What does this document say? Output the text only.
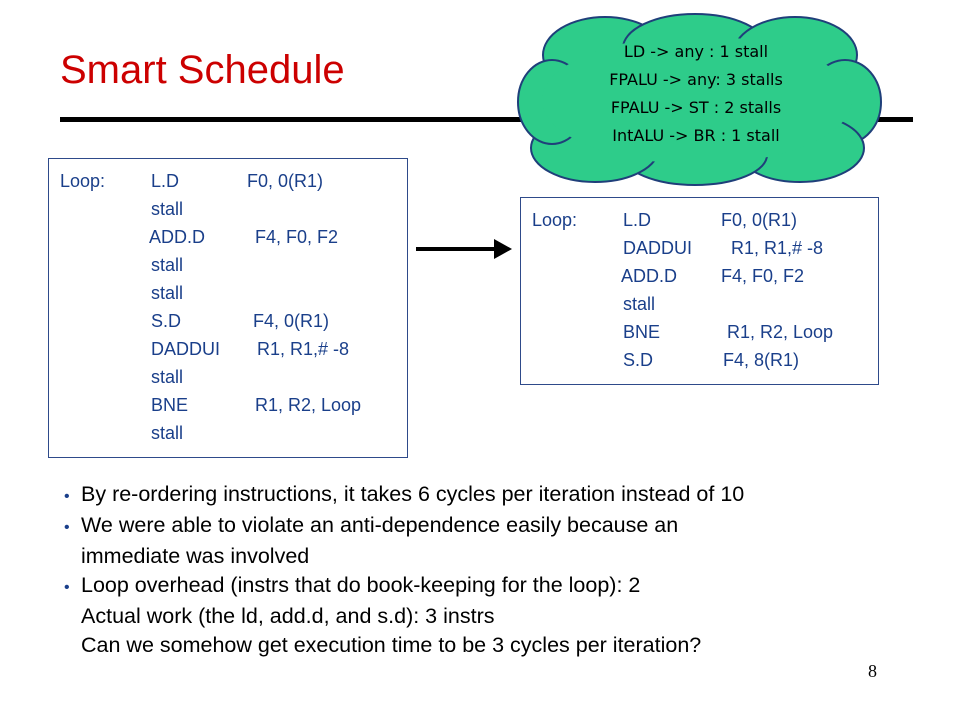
Smart Schedule	LD -> any : 1 stall
FPALU -> any: 3 stalls
FPALU -> ST : 2 stalls
IntALU -> BR : 1 stall
Loop:	L.D	F0, 0(R1)
stall
ADD.D	F4, F0, F2
stall
stall
S.D	F4, 0(R1)
DADDUI R1, R1,# -8
stall
BNE	R1, R2, Loop
stall
Loop:	L.D	F0, 0(R1)
DADDUI R1, R1,# -8
ADD.D F4, F0, F2
stall
BNE	R1, R2, Loop
S.D	F4, 8(R1)
• By re-ordering instructions, it takes 6 cycles per iteration instead of 10
• We were able to violate an anti-dependence easily because an
immediate was involved
• Loop overhead (instrs that do book-keeping for the loop): 2
Actual work (the ld, add.d, and s.d): 3 instrs
Can we somehow get execution time to be 3 cycles per iteration?
8
